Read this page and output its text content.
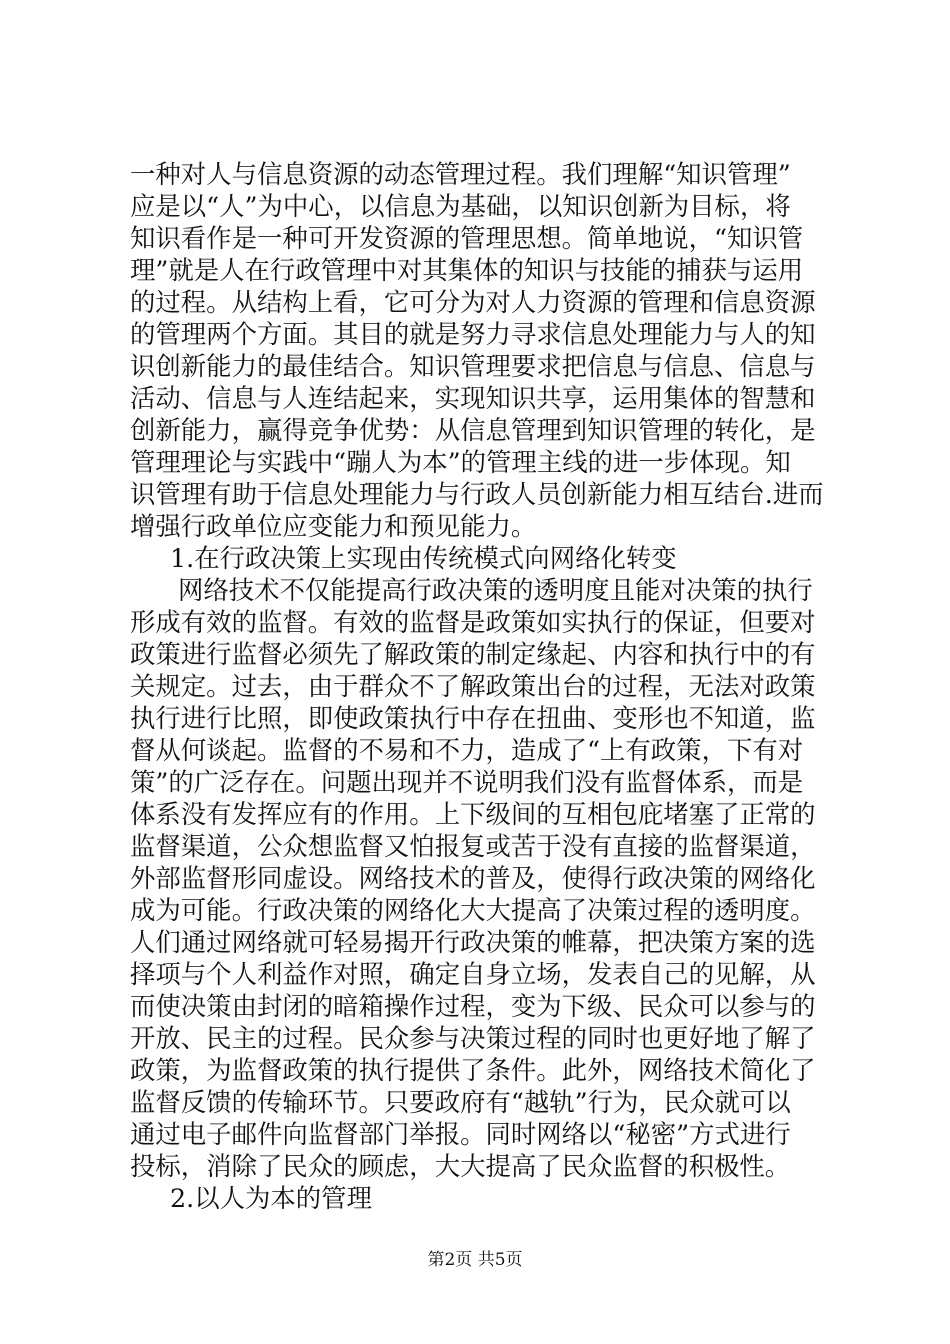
一种对人与信息资源的动态管理过程。我们理解“知识管理”
应是以“人”为中心，以信息为基础，以知识创新为目标，将
知识看作是一种可开发资源的管理思想。简单地说，“知识管
理”就是人在行政管理中对其集体的知识与技能的捕获与运用
的过程。从结构上看，它可分为对人力资源的管理和信息资源
的管理两个方面。其目的就是努力寻求信息处理能力与人的知
识创新能力的最佳结合。知识管理要求把信息与信息、信息与
活动、信息与人连结起来，实现知识共享，运用集体的智慧和
创新能力，赢得竞争优势：从信息管理到知识管理的转化，是
管理理论与实践中“蹦人为本”的管理主线的进一步体现。知
识管理有助于信息处理能力与行政人员创新能力相互结台.进而
增强行政单位应变能力和预见能力。
1.在行政决策上实现由传统模式向网络化转变
网络技术不仅能提高行政决策的透明度且能对决策的执行
形成有效的监督。有效的监督是政策如实执行的保证，但要对
政策进行监督必须先了解政策的制定缘起、内容和执行中的有
关规定。过去，由于群众不了解政策出台的过程，无法对政策
执行进行比照，即使政策执行中存在扭曲、变形也不知道，监
督从何谈起。监督的不易和不力，造成了“上有政策，下有对
策”的广泛存在。问题出现并不说明我们没有监督体系，而是
体系没有发挥应有的作用。上下级间的互相包庇堵塞了正常的
监督渠道，公众想监督又怕报复或苦于没有直接的监督渠道，
外部监督形同虚设。网络技术的普及，使得行政决策的网络化
成为可能。行政决策的网络化大大提高了决策过程的透明度。
人们通过网络就可轻易揭开行政决策的帷幕，把决策方案的选
择项与个人利益作对照，确定自身立场，发表自己的见解，从
而使决策由封闭的暗箱操作过程，变为下级、民众可以参与的
开放、民主的过程。民众参与决策过程的同时也更好地了解了
政策，为监督政策的执行提供了条件。此外，网络技术简化了
监督反馈的传输环节。只要政府有“越轨”行为，民众就可以
通过电子邮件向监督部门举报。同时网络以“秘密”方式进行
投标，消除了民众的顾虑，大大提高了民众监督的积极性。
2.以人为本的管理
第2页 共5页
